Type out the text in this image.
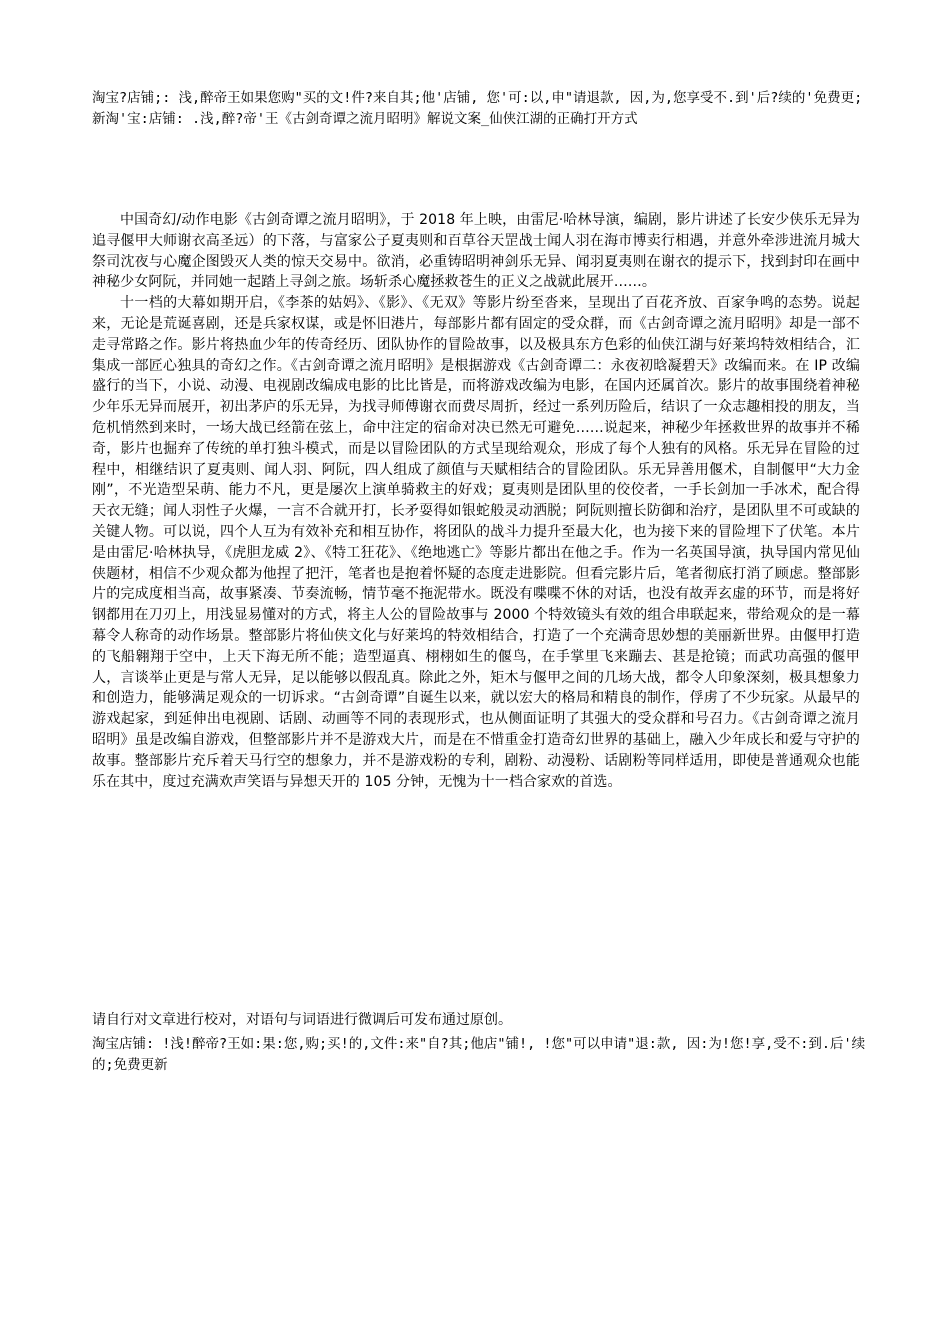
淘宝?店铺;: 浅,醉帝王如果您购"买的文!件?来自其;他'店铺, 您'可:以,申"请退款, 因,为,您享受不.到'后?续的'免费更;新淘'宝:店铺: .浅,醉?帝'王《古剑奇谭之流月昭明》解说文案_仙侠江湖的正确打开方式

中国奇幻/动作电影《古剑奇谭之流月昭明》，于 2018 年上映，由雷尼·哈林导演，编剧，影片讲述了长安少侠乐无异为追寻偃甲大师谢衣高圣远）的下落，与富家公子夏夷则和百草谷天罡战士闻人羽在海市博卖行相遇，并意外牵涉进流月城大祭司沈夜与心魔企图毁灭人类的惊天交易中。欲消，必重铸昭明神剑乐无异、闻羽夏夷则在谢衣的提示下，找到封印在画中神秘少女阿阮，并同她一起踏上寻剑之旅。场斩杀心魔拯救苍生的正义之战就此展开……。

十一档的大幕如期开启，《李茶的姑妈》、《影》、《无双》等影片纷至沓来，呈现出了百花齐放、百家争鸣的态势。说起来，无论是荒诞喜剧，还是兵家权谋，或是怀旧港片，每部影片都有固定的受众群，而《古剑奇谭之流月昭明》却是一部不走寻常路之作。影片将热血少年的传奇经历、团队协作的冒险故事，以及极具东方色彩的仙侠江湖与好莱坞特效相结合，汇集成一部匠心独具的奇幻之作。《古剑奇谭之流月昭明》是根据游戏《古剑奇谭二：永夜初晗凝碧天》改编而来。在 IP 改编盛行的当下，小说、动漫、电视剧改编成电影的比比皆是，而将游戏改编为电影，在国内还属首次。影片的故事围绕着神秘少年乐无异而展开，初出茅庐的乐无异，为找寻师傅谢衣而费尽周折，经过一系列历险后，结识了一众志趣相投的朋友，当危机悄然到来时，一场大战已经箭在弦上，命中注定的宿命对决已然无可避免……说起来，神秘少年拯救世界的故事并不稀奇，影片也掘弃了传统的单打独斗模式，而是以冒险团队的方式呈现给观众，形成了每个人独有的风格。乐无异在冒险的过程中，相继结识了夏夷则、闻人羽、阿阮，四人组成了颜值与天赋相结合的冒险团队。乐无异善用偃术，自制偃甲“大力金刚”，不光造型呆萌、能力不凡，更是屡次上演单骑救主的好戏；夏夷则是团队里的佼佼者，一手长剑加一手冰术，配合得天衣无缝；闻人羽性子火爆，一言不合就开打，长矛耍得如银蛇般灵动洒脱；阿阮则擅长防御和治疗，是团队里不可或缺的关键人物。可以说，四个人互为有效补充和相互协作，将团队的战斗力提升至最大化，也为接下来的冒险埋下了伏笔。本片是由雷尼·哈林执导，《虎胆龙威 2》、《特工狂花》、《绝地逃亡》等影片都出在他之手。作为一名英国导演，执导国内常见仙侠题材，相信不少观众都为他捏了把汗，笔者也是抱着怀疑的态度走进影院。但看完影片后，笔者彻底打消了顾虑。整部影片的完成度相当高，故事紧凑、节奏流畅，情节毫不拖泥带水。既没有喋喋不休的对话，也没有故弄玄虚的环节，而是将好钢都用在刀刃上，用浅显易懂对的方式，将主人公的冒险故事与 2000 个特效镜头有效的组合串联起来，带给观众的是一幕幕令人称奇的动作场景。整部影片将仙侠文化与好莱坞的特效相结合，打造了一个充满奇思妙想的美丽新世界。由偃甲打造的飞船翱翔于空中，上天下海无所不能；造型逼真、栩栩如生的偃鸟，在手掌里飞来蹦去、甚是抢镜；而武功高强的偃甲人，言谈举止更是与常人无异，足以能够以假乱真。除此之外，矩木与偃甲之间的几场大战，都令人印象深刻，极具想象力和创造力，能够满足观众的一切诉求。“古剑奇谭”自诞生以来，就以宏大的格局和精良的制作，俘虏了不少玩家。从最早的游戏起家，到延伸出电视剧、话剧、动画等不同的表现形式，也从侧面证明了其强大的受众群和号召力。《古剑奇谭之流月昭明》虽是改编自游戏，但整部影片并不是游戏大片，而是在不惜重金打造奇幻世界的基础上，融入少年成长和爱与守护的故事。整部影片充斥着天马行空的想象力，并不是游戏粉的专利，剧粉、动漫粉、话剧粉等同样适用，即使是普通观众也能乐在其中，度过充满欢声笑语与异想天开的 105 分钟，无愧为十一档合家欢的首选。

请自行对文章进行校对，对语句与词语进行微调后可发布通过原创。
淘宝店铺: !浅!醉帝?王如:果:您,购;买!的,文件:来"自?其;他店"铺!, !您"可以申请"退:款, 因:为!您!享,受不:到.后'续的;免费更新
